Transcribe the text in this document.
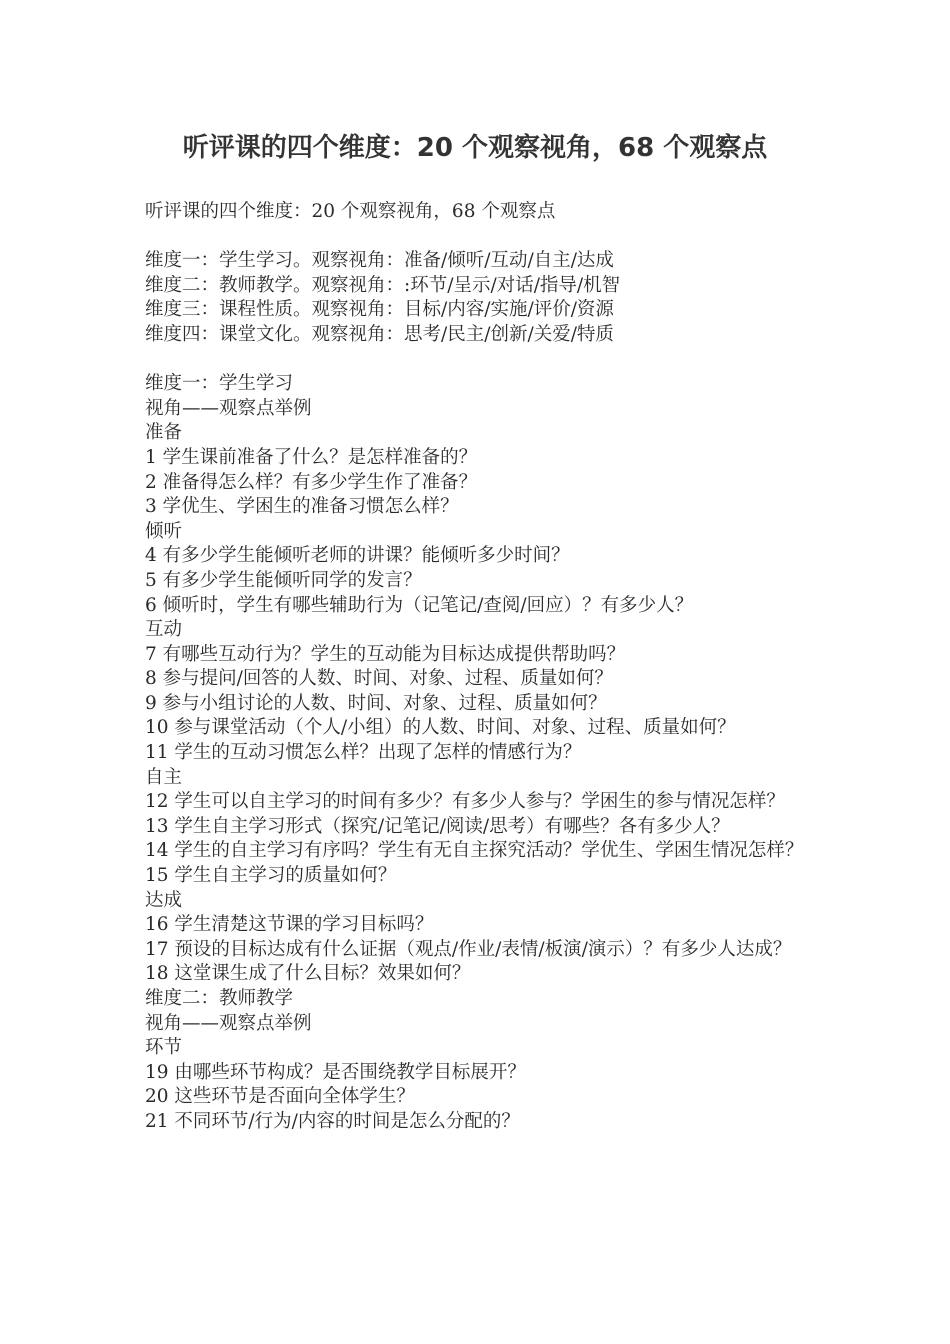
听评课的四个维度：20 个观察视角，68 个观察点
听评课的四个维度：20 个观察视角，68 个观察点
维度一：学生学习。观察视角：准备/倾听/互动/自主/达成
维度二：教师教学。观察视角：:环节/呈示/对话/指导/机智
维度三：课程性质。观察视角：目标/内容/实施/评价/资源
维度四：课堂文化。观察视角：思考/民主/创新/关爱/特质
维度一：学生学习
视角——观察点举例
准备
1 学生课前准备了什么？是怎样准备的？
2 准备得怎么样？有多少学生作了准备？
3 学优生、学困生的准备习惯怎么样？
倾听
4 有多少学生能倾听老师的讲课？能倾听多少时间？
5 有多少学生能倾听同学的发言？
6 倾听时，学生有哪些辅助行为（记笔记/查阅/回应）？有多少人？
互动
7 有哪些互动行为？学生的互动能为目标达成提供帮助吗？
8 参与提问/回答的人数、时间、对象、过程、质量如何？
9 参与小组讨论的人数、时间、对象、过程、质量如何？
10 参与课堂活动（个人/小组）的人数、时间、对象、过程、质量如何？
11 学生的互动习惯怎么样？出现了怎样的情感行为？
自主
12 学生可以自主学习的时间有多少？有多少人参与？学困生的参与情况怎样？
13 学生自主学习形式（探究/记笔记/阅读/思考）有哪些？各有多少人？
14 学生的自主学习有序吗？学生有无自主探究活动？学优生、学困生情况怎样？
15 学生自主学习的质量如何？
达成
16 学生清楚这节课的学习目标吗？
17 预设的目标达成有什么证据（观点/作业/表情/板演/演示）？有多少人达成？
18 这堂课生成了什么目标？效果如何？
维度二：教师教学
视角——观察点举例
环节
19 由哪些环节构成？是否围绕教学目标展开？
20 这些环节是否面向全体学生？
21 不同环节/行为/内容的时间是怎么分配的？
